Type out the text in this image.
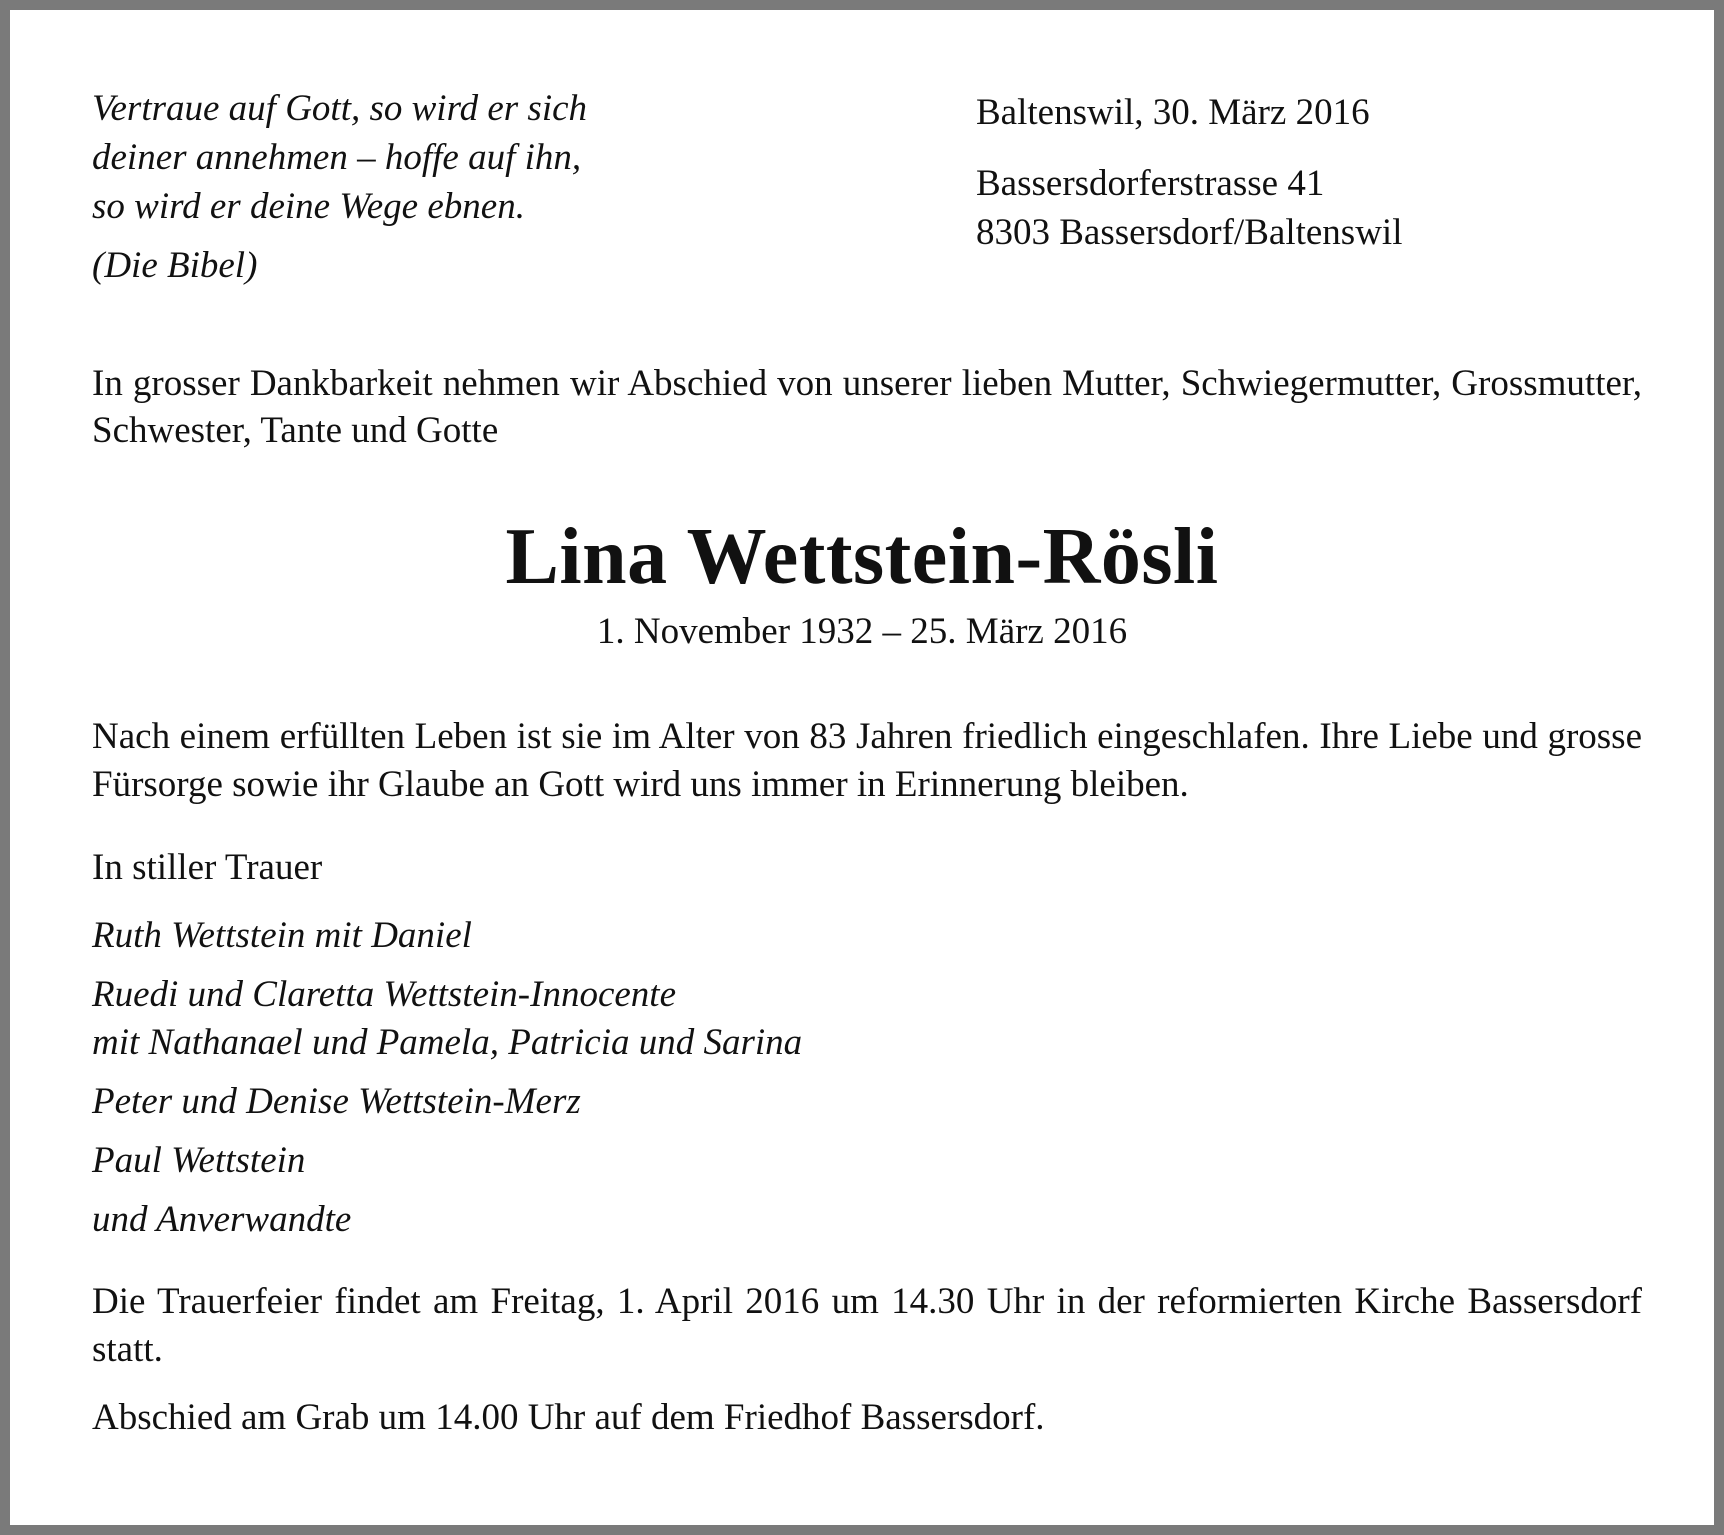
Vertraue auf Gott, so wird er sich
deiner annehmen – hoffe auf ihn,
so wird er deine Wege ebnen.
(Die Bibel)
Baltenswil, 30. März 2016
Bassersdorferstrasse 41
8303 Bassersdorf/Baltenswil
In grosser Dankbarkeit nehmen wir Abschied von unserer lieben Mutter, Schwiegermutter, Grossmutter, Schwester, Tante und Gotte
Lina Wettstein-Rösli
1. November 1932 – 25. März 2016
Nach einem erfüllten Leben ist sie im Alter von 83 Jahren friedlich eingeschlafen. Ihre Liebe und grosse Fürsorge sowie ihr Glaube an Gott wird uns immer in Erinnerung bleiben.
In stiller Trauer
Ruth Wettstein mit Daniel
Ruedi und Claretta Wettstein-Innocente
mit Nathanael und Pamela, Patricia und Sarina
Peter und Denise Wettstein-Merz
Paul Wettstein
und Anverwandte
Die Trauerfeier findet am Freitag, 1. April 2016 um 14.30 Uhr in der reformierten Kirche Bassersdorf statt.
Abschied am Grab um 14.00 Uhr auf dem Friedhof Bassersdorf.
